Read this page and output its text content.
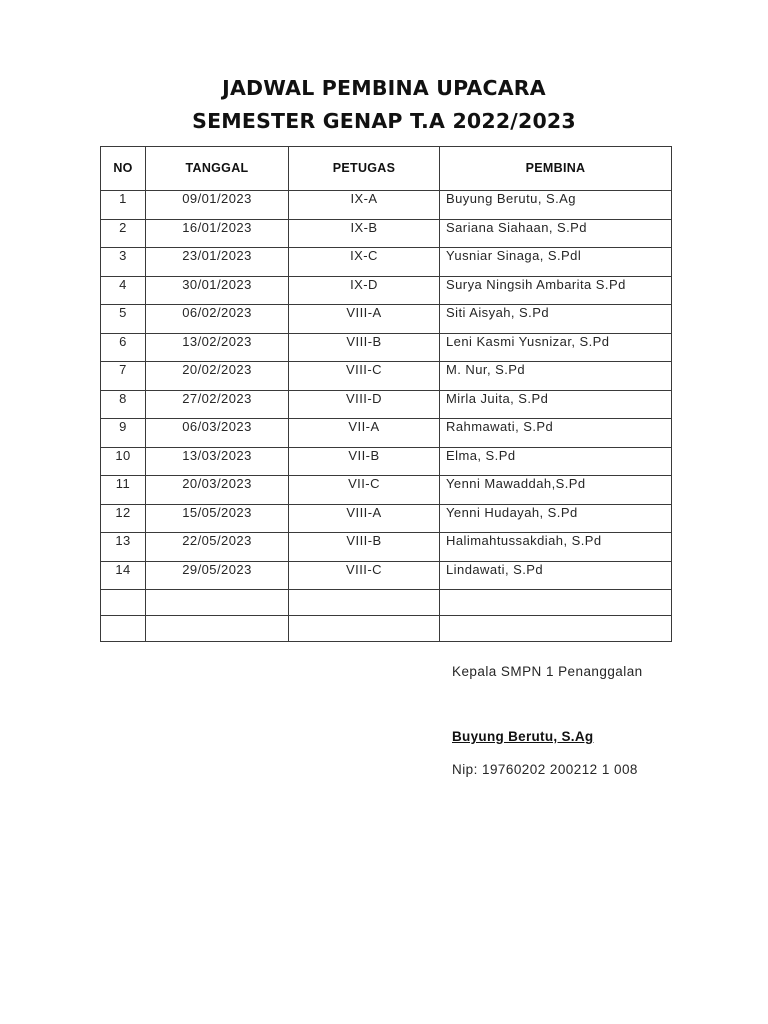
JADWAL PEMBINA UPACARA
SEMESTER GENAP T.A 2022/2023
NO	TANGGAL	PETUGAS	PEMBINA
1	09/01/2023	IX-A	Buyung Berutu, S.Ag
2	16/01/2023	IX-B	Sariana Siahaan, S.Pd
3	23/01/2023	IX-C	Yusniar Sinaga, S.Pdl
4	30/01/2023	IX-D	Surya Ningsih Ambarita S.Pd
5	06/02/2023	VIII-A	Siti Aisyah, S.Pd
6	13/02/2023	VIII-B	Leni Kasmi Yusnizar, S.Pd
7	20/02/2023	VIII-C	M. Nur, S.Pd
8	27/02/2023	VIII-D	Mirla Juita, S.Pd
9	06/03/2023	VII-A	Rahmawati, S.Pd
10	13/03/2023	VII-B	Elma, S.Pd
11	20/03/2023	VII-C	Yenni Mawaddah,S.Pd
12	15/05/2023	VIII-A	Yenni Hudayah, S.Pd
13	22/05/2023	VIII-B	Halimahtussakdiah, S.Pd
14	29/05/2023	VIII-C	Lindawati, S.Pd

Kepala SMPN 1 Penanggalan
Buyung Berutu, S.Ag
Nip: 19760202 200212 1 008
